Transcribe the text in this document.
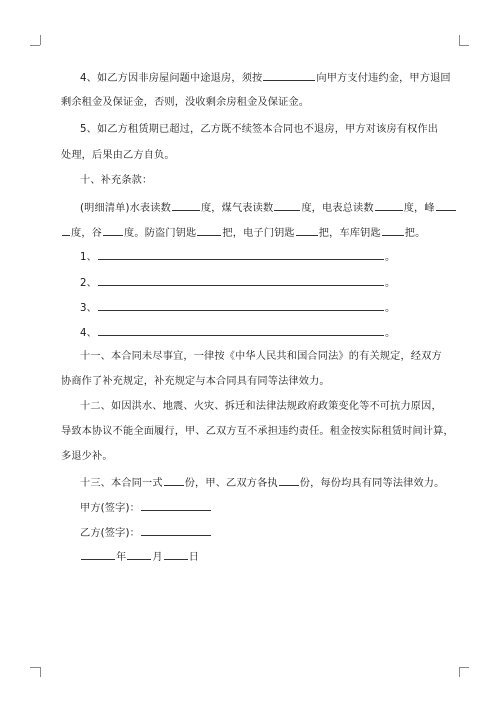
4、如乙方因非房屋问题中途退房，须按	向甲方支付违约金，甲方退回
剩余租金及保证金，否则，没收剩余房租金及保证金。
5、如乙方租赁期已超过，乙方既不续签本合同也不退房，甲方对该房有权作出
处理，后果由乙方自负。
十、补充条款：
(明细清单)水表读数	度，煤气表读数	度，电表总读数	度，峰
度，谷 度。防盗门钥匙	把，电子门钥匙 把，车库钥匙 把。
1、	。
2、	。
3、	。
4、	。
十一、本合同未尽事宜，一律按《中华人民共和国合同法》的有关规定，经双方
协商作了补充规定，补充规定与本合同具有同等法律效力。
十二、如因洪水、地震、火灾、拆迁和法律法规政府政策变化等不可抗力原因，
导致本协议不能全面履行，甲、乙双方互不承担违约责任。租金按实际租赁时间计算，
多退少补。
十三、本合同一式 份，甲、乙双方各执 份，每份均具有同等法律效力。
甲方(签字)：
乙方(签字)：
年	月	日
